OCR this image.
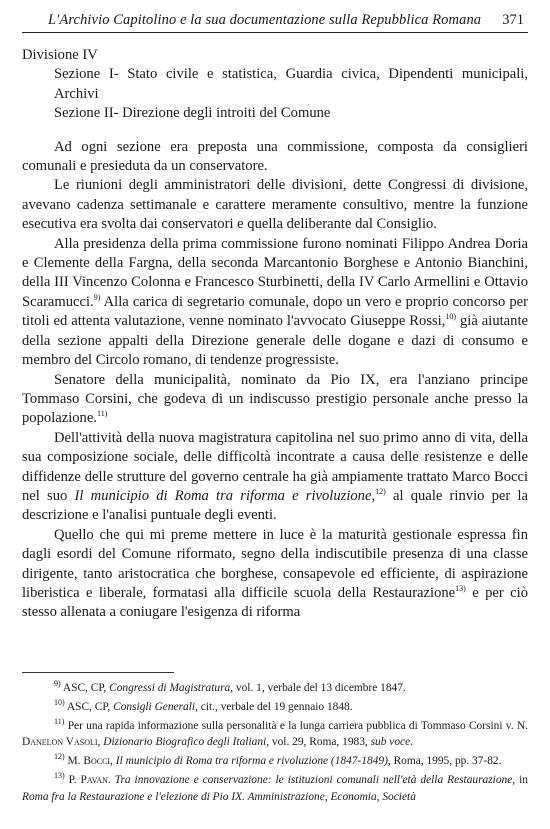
L'Archivio Capitolino e la sua documentazione sulla Repubblica Romana 371

Divisione IV

Sezione I- Stato civile e statistica, Guardia civica, Dipendenti municipali, Archivi

Sezione II- Direzione degli introiti del Comune

Ad ogni sezione era preposta una commissione, composta da consiglieri comunali e presieduta da un conservatore.

Le riunioni degli amministratori delle divisioni, dette Congressi di divisione, avevano cadenza settimanale e carattere meramente consultivo, mentre la funzione esecutiva era svolta dai conservatori e quella deliberante dal Consiglio.

Alla presidenza della prima commissione furono nominati Filippo Andrea Doria e Clemente della Fargna, della seconda Marcantonio Borghese e Antonio Bianchini, della III Vincenzo Colonna e Francesco Sturbinetti, della IV Carlo Armellini e Ottavio Scaramucci.$^{9)}$ Alla carica di segretario comunale, dopo un vero e proprio concorso per titoli ed attenta valutazione, venne nominato l'avvocato Giuseppe Rossi,$^{10)}$ già aiutante della sezione appalti della Direzione generale delle dogane e dazi di consumo e membro del Circolo romano, di tendenze progressiste.

Senatore della municipalità, nominato da Pio IX, era l'anziano principe Tommaso Corsini, che godeva di un indiscusso prestigio personale anche presso la popolazione.$^{11)}$

Dell'attività della nuova magistratura capitolina nel suo primo anno di vita, della sua composizione sociale, delle difficoltà incontrate a causa delle resistenze e delle diffidenze delle strutture del governo centrale ha già ampiamente trattato Marco Bocci nel suo Il municipio di Roma tra riforma e rivoluzione,$^{12)}$ al quale rinvio per la descrizione e l'analisi puntuale degli eventi.

Quello che qui mi preme mettere in luce è la maturità gestionale espressa fin dagli esordi del Comune riformato, segno della indiscutibile presenza di una classe dirigente, tanto aristocratica che borghese, consapevole ed efficiente, di aspirazione liberistica e liberale, formatasi alla difficile scuola della Restaurazione$^{13)}$ e per ciò stesso allenata a coniugare l'esigenza di riforma

$^{9)}$ ASC, CP, Congressi di Magistratura, vol. 1, verbale del 13 dicembre 1847.

$^{10)}$ ASC, CP, Consigli Generali, cit., verbale del 19 gennaio 1848.

$^{11)}$ Per una rapida informazione sulla personalità e la lunga carriera pubblica di Tommaso Corsini v. N. Danelon Vasoli, Dizionario Biografico degli Italiani, vol. 29, Roma, 1983, sub voce.

$^{12)}$ M. Bocci, Il municipio di Roma tra riforma e rivoluzione (1847-1849), Roma, 1995, pp. 37-82.

$^{13)}$ P. Pavan. Tra innovazione e conservazione: le istituzioni comunali nell'età della Restaurazione, in Roma fra la Restaurazione e l'elezione di Pio IX. Amministrazione, Economia, Società
